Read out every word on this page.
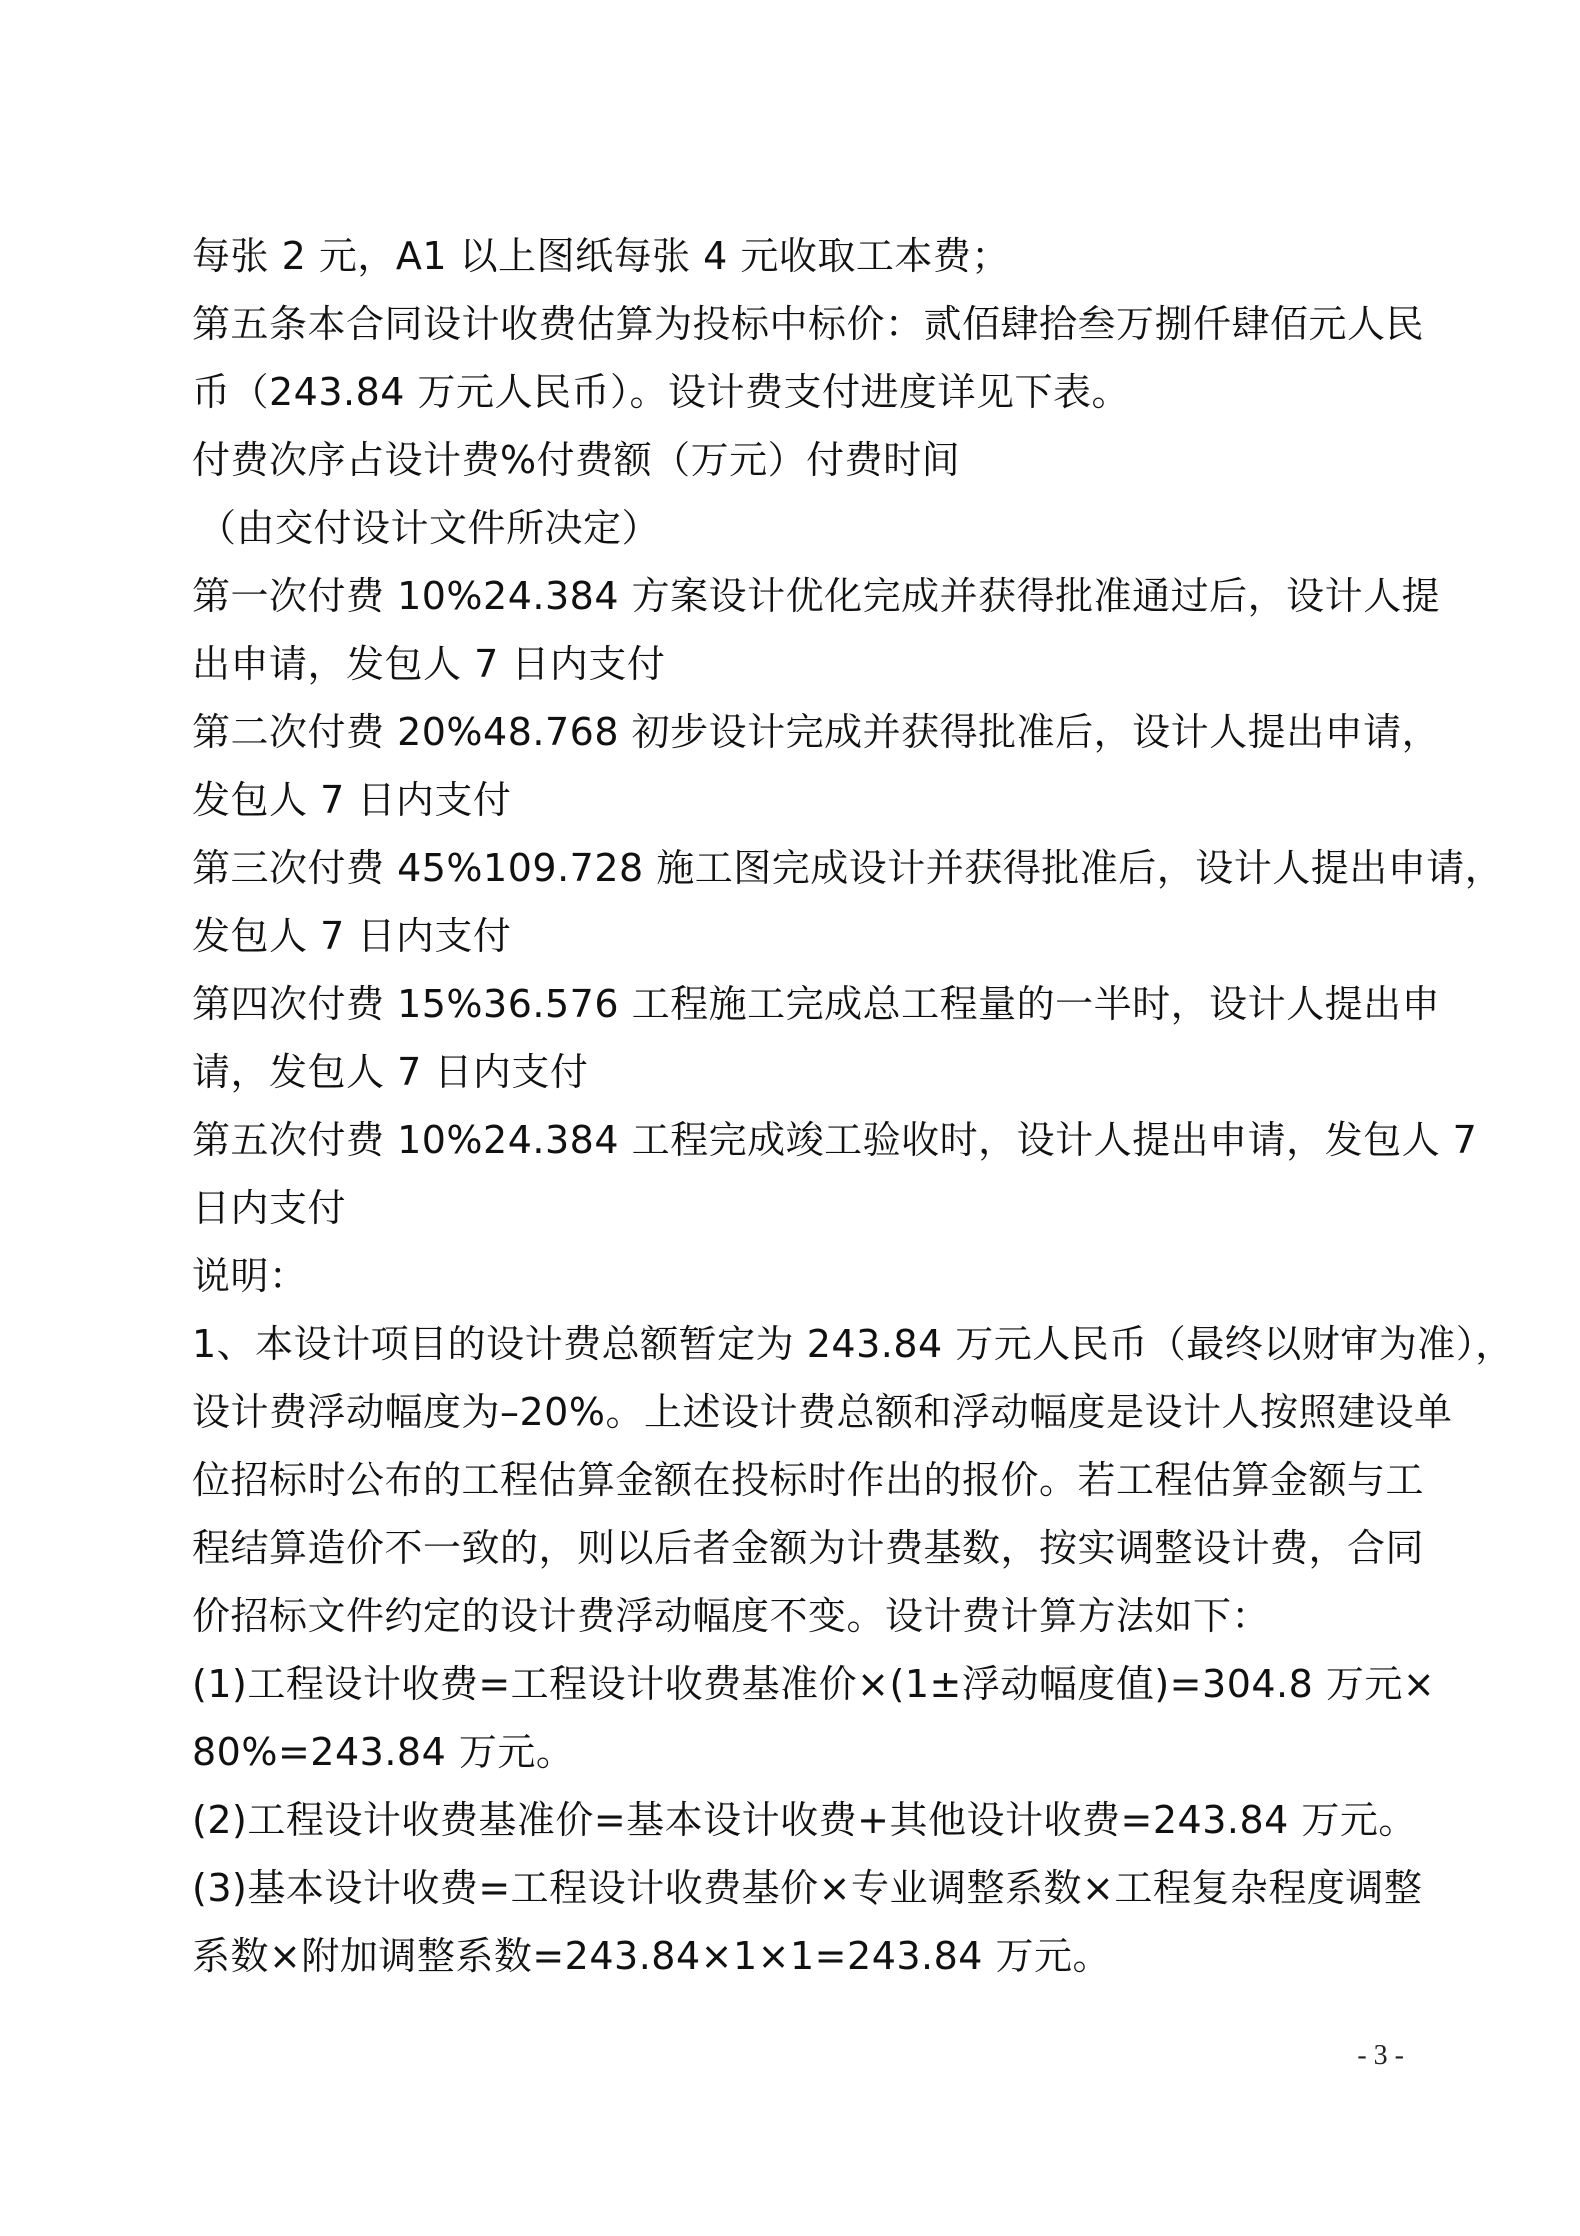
每张 2 元，A1 以上图纸每张 4 元收取工本费；
第五条本合同设计收费估算为投标中标价：贰佰肆拾叁万捌仟肆佰元人民
币（243.84 万元人民币）。设计费支付进度详见下表。
付费次序占设计费%付费额（万元）付费时间
（由交付设计文件所决定）
第一次付费 10%24.384 方案设计优化完成并获得批准通过后，设计人提
出申请，发包人 7 日内支付
第二次付费 20%48.768 初步设计完成并获得批准后，设计人提出申请，
发包人 7 日内支付
第三次付费 45%109.728 施工图完成设计并获得批准后，设计人提出申请，
发包人 7 日内支付
第四次付费 15%36.576 工程施工完成总工程量的一半时，设计人提出申
请，发包人 7 日内支付
第五次付费 10%24.384 工程完成竣工验收时，设计人提出申请，发包人 7
日内支付
说明：
1、本设计项目的设计费总额暂定为 243.84 万元人民币（最终以财审为准），
设计费浮动幅度为–20%。上述设计费总额和浮动幅度是设计人按照建设单
位招标时公布的工程估算金额在投标时作出的报价。若工程估算金额与工
程结算造价不一致的，则以后者金额为计费基数，按实调整设计费，合同
价招标文件约定的设计费浮动幅度不变。设计费计算方法如下：
(1)工程设计收费=工程设计收费基准价×(1±浮动幅度值)=304.8 万元×
80%=243.84 万元。
(2)工程设计收费基准价=基本设计收费+其他设计收费=243.84 万元。
(3)基本设计收费=工程设计收费基价×专业调整系数×工程复杂程度调整
系数×附加调整系数=243.84×1×1=243.84 万元。
- 3 -
